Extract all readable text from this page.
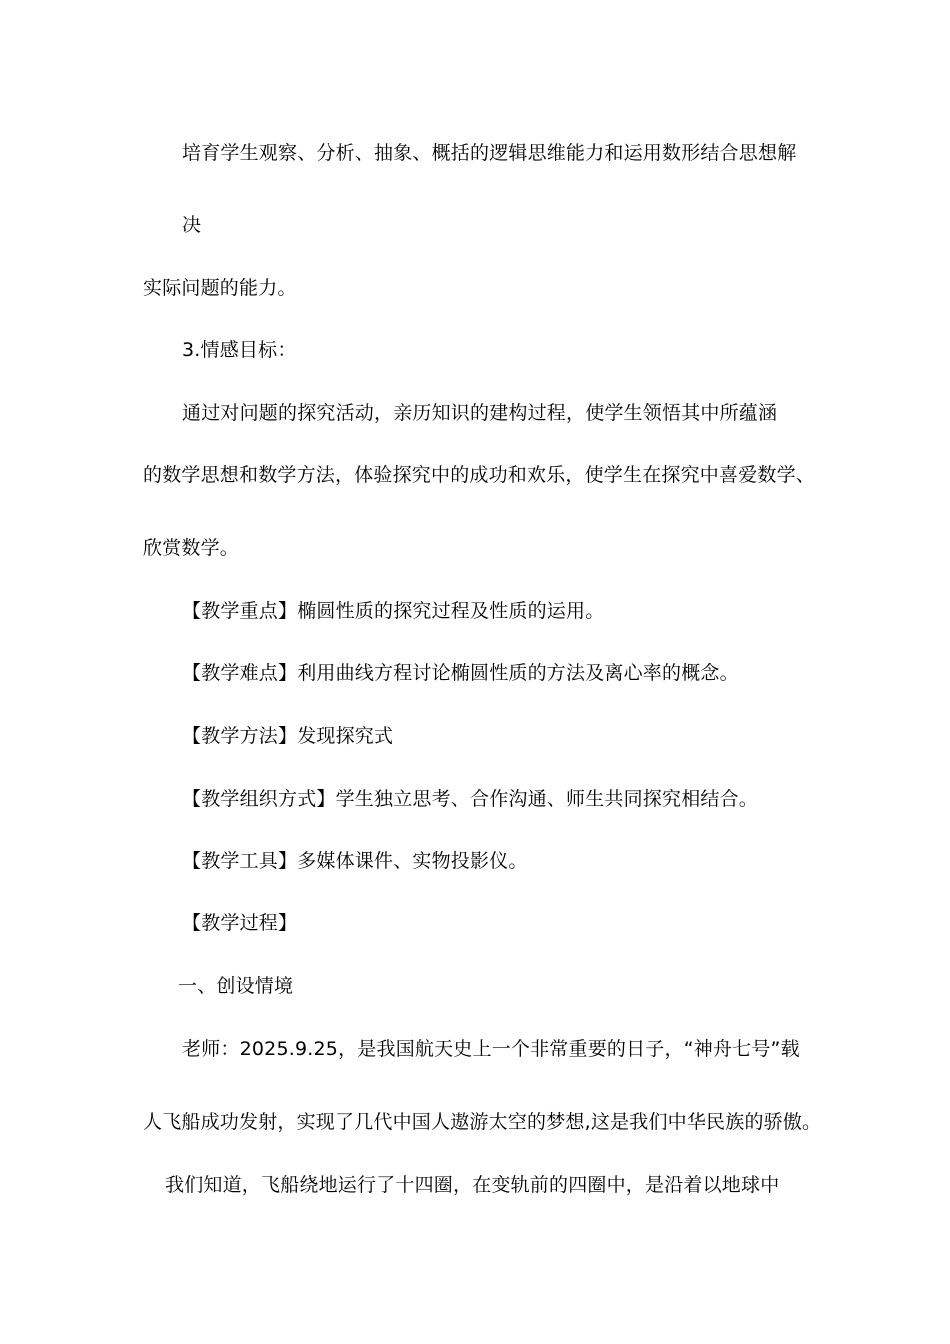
培育学生观察、分析、抽象、概括的逻辑思维能力和运用数形结合思想解
决
实际问题的能力。
3.情感目标：
通过对问题的探究活动，亲历知识的建构过程，使学生领悟其中所蕴涵
的数学思想和数学方法，体验探究中的成功和欢乐，使学生在探究中喜爱数学、
欣赏数学。
【教学重点】椭圆性质的探究过程及性质的运用。
【教学难点】利用曲线方程讨论椭圆性质的方法及离心率的概念。
【教学方法】发现探究式
【教学组织方式】学生独立思考、合作沟通、师生共同探究相结合。
【教学工具】多媒体课件、实物投影仪。
【教学过程】
一、创设情境
老师：2025.9.25，是我国航天史上一个非常重要的日子，“神舟七号”载
人飞船成功发射，实现了几代中国人遨游太空的梦想,这是我们中华民族的骄傲。
我们知道，飞船绕地运行了十四圈，在变轨前的四圈中，是沿着以地球中
